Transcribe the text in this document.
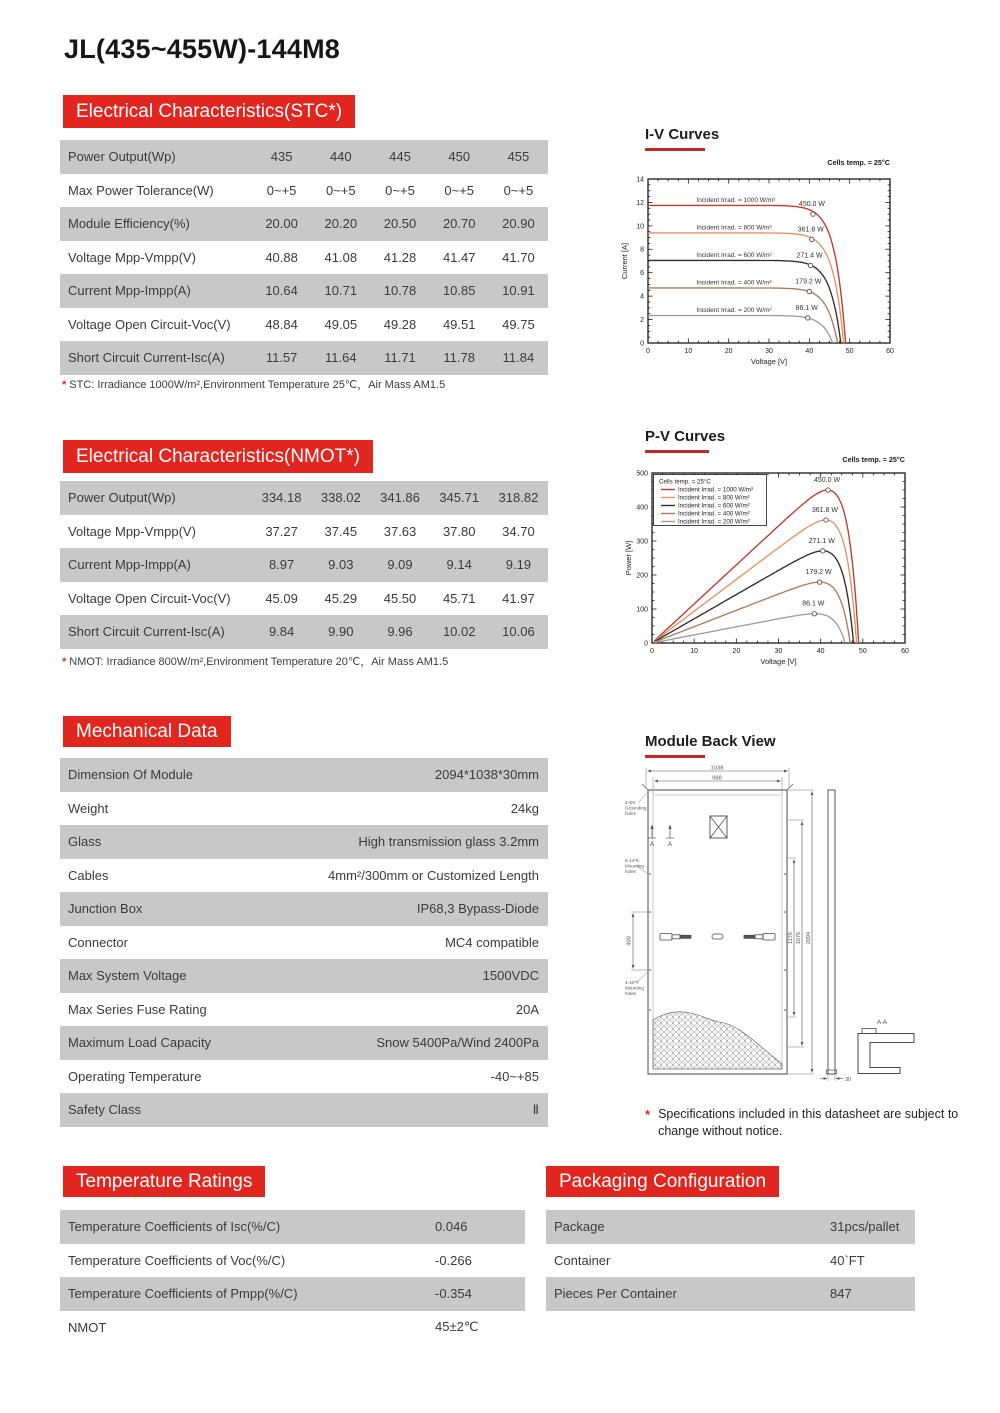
JL(435~455W)-144M8
Electrical Characteristics(STC*)
Power Output(Wp)	435	440	445	450	455
Max Power Tolerance(W)	0~+5	0~+5	0~+5	0~+5	0~+5
Module Efficiency(%)	20.00	20.20	20.50	20.70	20.90
Voltage Mpp-Vmpp(V)	40.88	41.08	41.28	41.47	41.70
Current Mpp-Impp(A)	10.64	10.71	10.78	10.85	10.91
Voltage Open Circuit-Voc(V)	48.84	49.05	49.28	49.51	49.75
Short Circuit Current-Isc(A)	11.57	11.64	11.71	11.78	11.84
* STC: Irradiance 1000W/m²,Environment Temperature 25℃，Air Mass AM1.5
Electrical Characteristics(NMOT*)
Power Output(Wp)	334.18	338.02	341.86	345.71	318.82
Voltage Mpp-Vmpp(V)	37.27	37.45	37.63	37.80	34.70
Current Mpp-Impp(A)	8.97	9.03	9.09	9.14	9.19
Voltage Open Circuit-Voc(V)	45.09	45.29	45.50	45.71	41.97
Short Circuit Current-Isc(A)	9.84	9.90	9.96	10.02	10.06
* NMOT: Irradiance 800W/m²,Environment Temperature 20℃，Air Mass AM1.5
Mechanical Data
Dimension Of Module	2094*1038*30mm
Weight	24kg
Glass	High transmission glass 3.2mm
Cables	4mm²/300mm or Customized Length
Junction Box	IP68,3 Bypass-Diode
Connector	MC4 compatible
Max System Voltage	1500VDC
Max Series Fuse Rating	20A
Maximum Load Capacity	Snow 5400Pa/Wind 2400Pa
Operating Temperature	-40~+85
Safety Class	Ⅱ
I-V Curves
0	10	20	30	40	50	60
0
2
4
6
8
10
12
14
Voltage [V]
Current [A]
Cells temp. = 25°C
Incident Irrad. = 1000 W/m²
Incident Irrad. = 800 W/m²
Incident Irrad. = 600 W/m²
Incident Irrad. = 400 W/m²
Incident Irrad. = 200 W/m²
450.0 W
361.8 W
271.4 W
179.2 W
86.1 W
P-V Curves
0	10	20	30	40	50	60
0
100
200
300
400
500
Voltage [V]
Power [W]
Cells temp. = 25°C
Cells temp. = 25°C
Incident Irrad. = 1000 W/m²
Incident Irrad. = 800 W/m²
Incident Irrad. = 600 W/m²
Incident Irrad. = 400 W/m²
Incident Irrad. = 200 W/m²
450.0 W
361.8 W
271.1 W
179.2 W
86.1 W
Module Back View
1038
988
A A
4-Φ4 Grounding holes
8-14*9 Mounting holes
400
4-10*7 Mounting holes
1176 1676 2094
30
A-A
* Specifications included in this datasheet are subject to change without notice.
Temperature Ratings
Temperature Coefficients of Isc(%/C)	0.046
Temperature Coefficients of Voc(%/C)	-0.266
Temperature Coefficients of Pmpp(%/C)	-0.354
NMOT	45±2℃
Packaging Configuration
Package	31pcs/pallet
Container	40`FT
Pieces Per Container	847
